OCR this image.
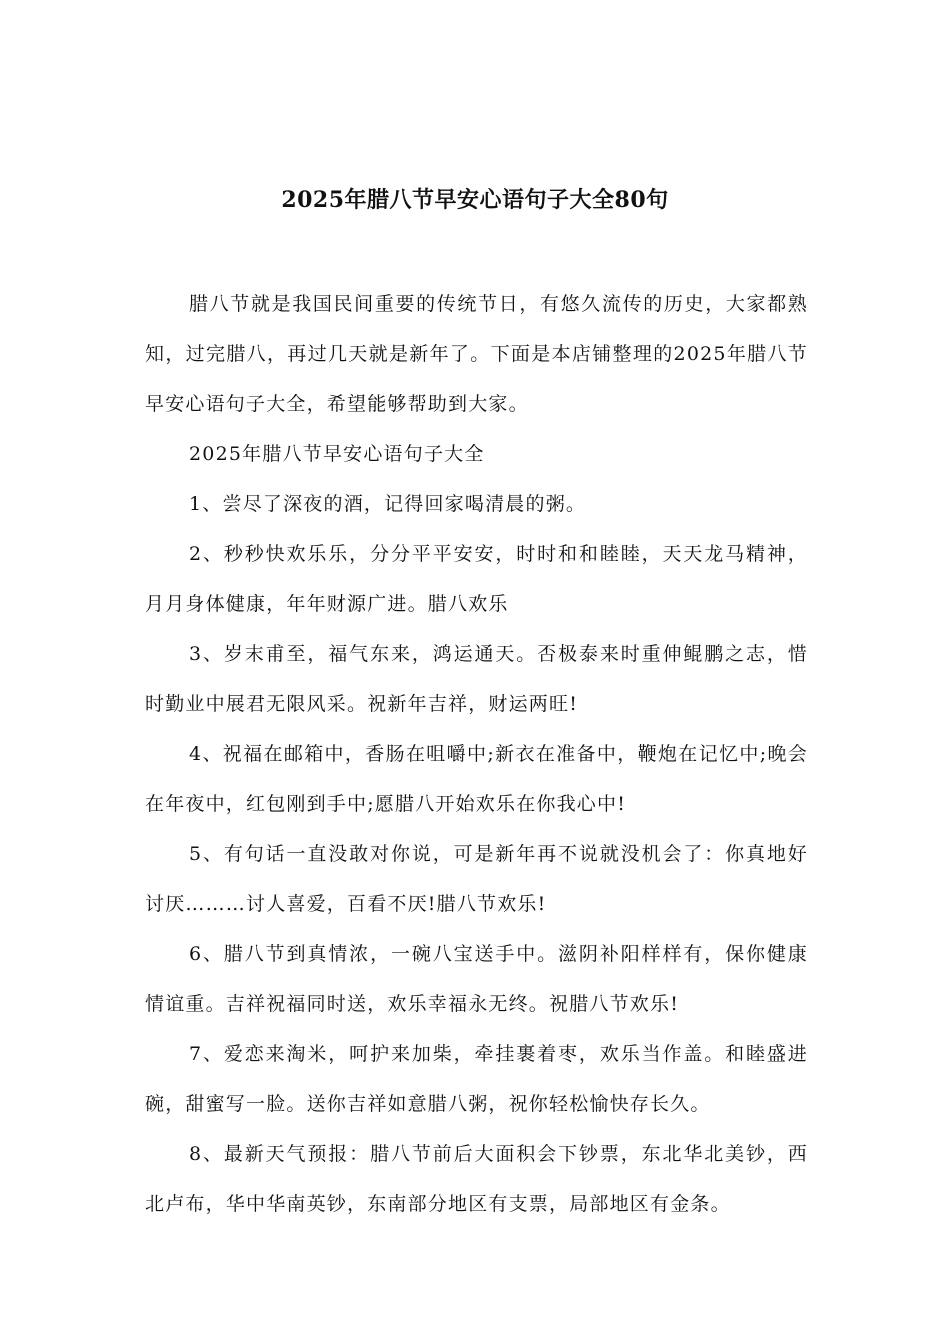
2025年腊八节早安心语句子大全80句

腊八节就是我国民间重要的传统节日，有悠久流传的历史，大家都熟知，过完腊八，再过几天就是新年了。下面是本店铺整理的2025年腊八节早安心语句子大全，希望能够帮助到大家。

2025年腊八节早安心语句子大全

1、尝尽了深夜的酒，记得回家喝清晨的粥。

2、秒秒快欢乐乐，分分平平安安，时时和和睦睦，天天龙马精神，月月身体健康，年年财源广进。腊八欢乐

3、岁末甫至，福气东来，鸿运通天。否极泰来时重伸鲲鹏之志，惜时勤业中展君无限风采。祝新年吉祥，财运两旺!

4、祝福在邮箱中，香肠在咀嚼中;新衣在准备中，鞭炮在记忆中;晚会在年夜中，红包刚到手中;愿腊八开始欢乐在你我心中!

5、有句话一直没敢对你说，可是新年再不说就没机会了：你真地好讨厌………讨人喜爱，百看不厌!腊八节欢乐!

6、腊八节到真情浓，一碗八宝送手中。滋阴补阳样样有，保你健康情谊重。吉祥祝福同时送，欢乐幸福永无终。祝腊八节欢乐!

7、爱恋来淘米，呵护来加柴，牵挂裹着枣，欢乐当作盖。和睦盛进碗，甜蜜写一脸。送你吉祥如意腊八粥，祝你轻松愉快存长久。

8、最新天气预报：腊八节前后大面积会下钞票，东北华北美钞，西北卢布，华中华南英钞，东南部分地区有支票，局部地区有金条。
